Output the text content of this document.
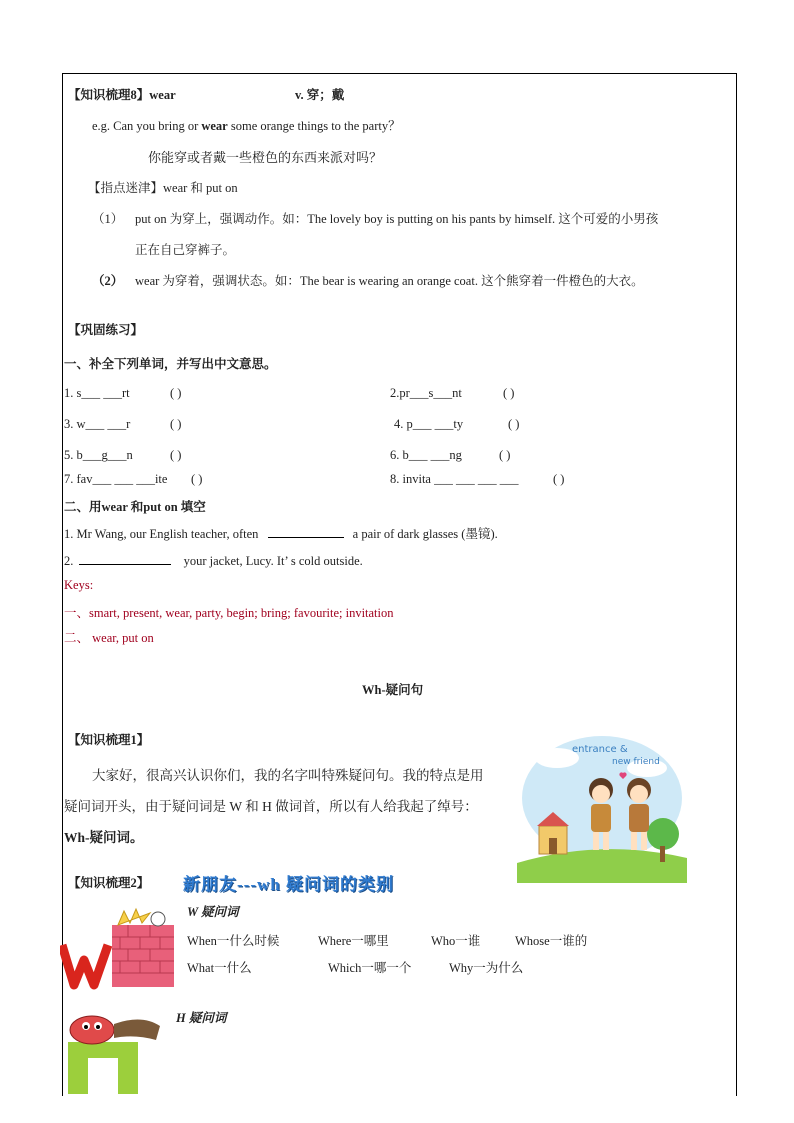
【知识梳理8】wear	v. 穿；戴
e.g. Can you bring or wear some orange things to the party？
你能穿或者戴一些橙色的东西来派对吗？
【指点迷津】wear 和 put on
（1） put on 为穿上，强调动作。如：The lovely boy is putting on his pants by himself. 这个可爱的小男孩
正在自己穿裤子。
（2） wear 为穿着，强调状态。如：The bear is wearing an orange coat. 这个熊穿着一件橙色的大衣。
【巩固练习】
一、补全下列单词，并写出中文意思。
1. s___ ___rt	( )	2.pr___s___nt	( )
3. w___ ___r	( )	4. p___ ___ty	( )
5. b___g___n	( )	6. b___ ___ng	( )
7. fav___ ___ ___ite ( )	8. invita ___ ___ ___ ___	( )
二、用wear 和put on 填空
1. Mr Wang, our English teacher, often	a pair of dark glasses (墨镜).
2.	your jacket, Lucy. It’ s cold outside.
Keys:
一、smart, present, wear, party, begin; bring; favourite; invitation
二、 wear, put on
Wh-疑问句
【知识梳理1】
大家好，很高兴认识你们，我的名字叫特殊疑问句。我的特点是用
疑问词开头，由于疑问词是 W 和 H 做词首，所以有人给我起了绰号：
Wh-疑问词。
entrance &
new friend
【知识梳理2】 新朋友---wh 疑问词的类别
W 疑问词
When一什么时候	Where一哪里	Who一谁	Whose一谁的
What一什么	Which一哪一个	Why一为什么
H 疑问词
